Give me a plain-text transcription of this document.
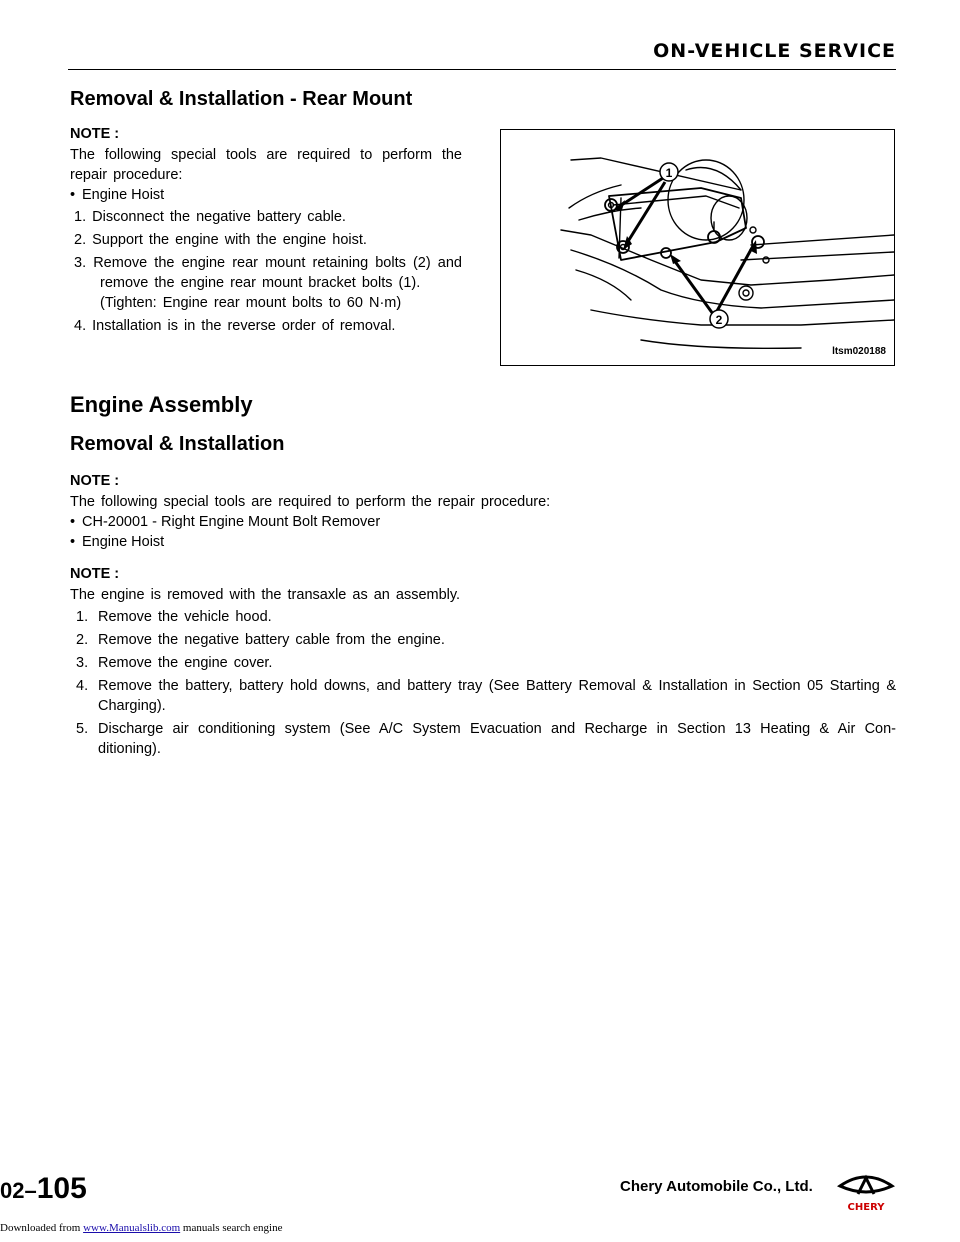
ON-VEHICLE SERVICE
Removal & Installation - Rear Mount
NOTE :
The following special tools are required to perform the repair procedure:
• Engine Hoist
1. Disconnect the negative battery cable.
2. Support the engine with the engine hoist.
3. Remove the engine rear mount retaining bolts (2) and remove the engine rear mount bracket bolts (1).
(Tighten: Engine rear mount bolts to 60 N·m)
4. Installation is in the reverse order of removal.
1
2
ltsm020188
Engine Assembly
Removal & Installation
NOTE :
The following special tools are required to perform the repair procedure:
• CH-20001 - Right Engine Mount Bolt Remover
• Engine Hoist
NOTE :
The engine is removed with the transaxle as an assembly.
1. Remove the vehicle hood.
2. Remove the negative battery cable from the engine.
3. Remove the engine cover.
4. Remove the battery, battery hold downs, and battery tray (See Battery Removal & Installation in Section 05 Starting & Charging).
5. Discharge air conditioning system (See A/C System Evacuation and Recharge in Section 13 Heating & Air Con-ditioning).
02–105	Chery Automobile Co., Ltd.
CHERY
Downloaded from www.Manualslib.com manuals search engine
